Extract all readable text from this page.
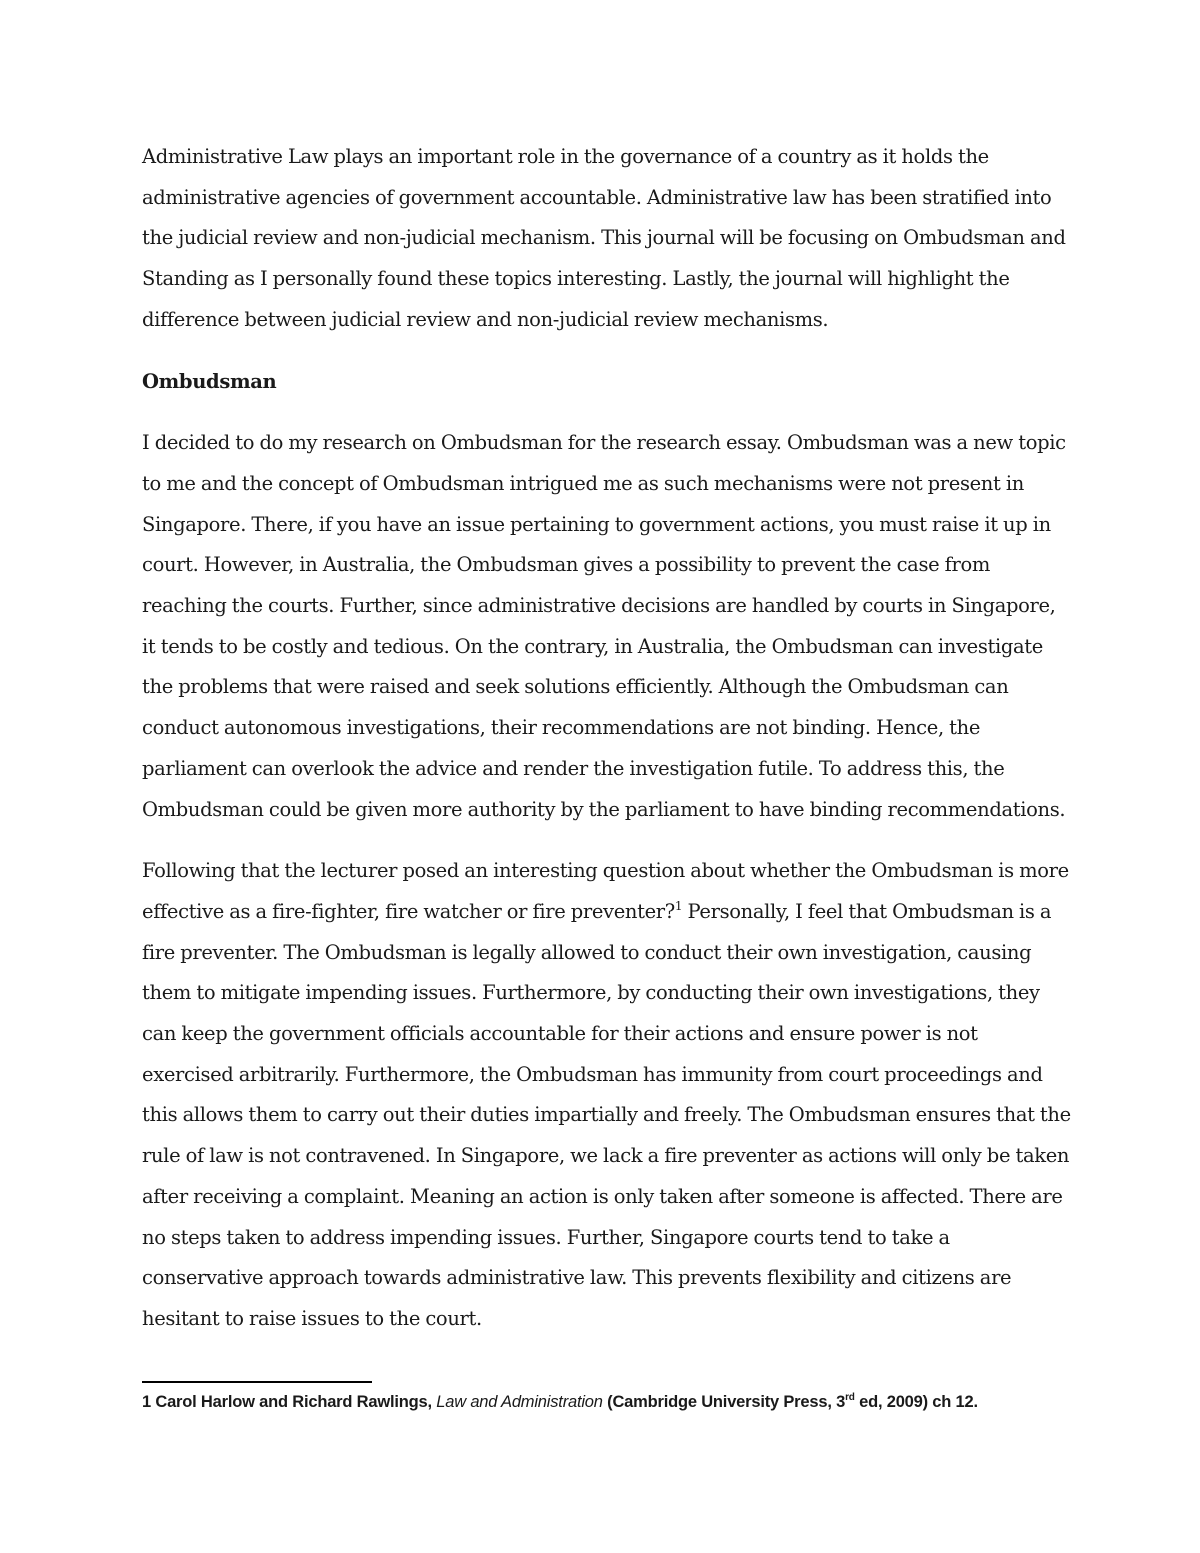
Administrative Law plays an important role in the governance of a country as it holds the administrative agencies of government accountable. Administrative law has been stratified into the judicial review and non-judicial mechanism. This journal will be focusing on Ombudsman and Standing as I personally found these topics interesting. Lastly, the journal will highlight the difference between judicial review and non-judicial review mechanisms.

Ombudsman

I decided to do my research on Ombudsman for the research essay. Ombudsman was a new topic to me and the concept of Ombudsman intrigued me as such mechanisms were not present in Singapore. There, if you have an issue pertaining to government actions, you must raise it up in court. However, in Australia, the Ombudsman gives a possibility to prevent the case from reaching the courts. Further, since administrative decisions are handled by courts in Singapore, it tends to be costly and tedious. On the contrary, in Australia, the Ombudsman can investigate the problems that were raised and seek solutions efficiently. Although the Ombudsman can conduct autonomous investigations, their recommendations are not binding. Hence, the parliament can overlook the advice and render the investigation futile. To address this, the Ombudsman could be given more authority by the parliament to have binding recommendations.

Following that the lecturer posed an interesting question about whether the Ombudsman is more effective as a fire-fighter, fire watcher or fire preventer?$^1$ Personally, I feel that Ombudsman is a fire preventer. The Ombudsman is legally allowed to conduct their own investigation, causing them to mitigate impending issues. Furthermore, by conducting their own investigations, they can keep the government officials accountable for their actions and ensure power is not exercised arbitrarily. Furthermore, the Ombudsman has immunity from court proceedings and this allows them to carry out their duties impartially and freely. The Ombudsman ensures that the rule of law is not contravened. In Singapore, we lack a fire preventer as actions will only be taken after receiving a complaint. Meaning an action is only taken after someone is affected. There are no steps taken to address impending issues. Further, Singapore courts tend to take a conservative approach towards administrative law. This prevents flexibility and citizens are hesitant to raise issues to the court.

1 Carol Harlow and Richard Rawlings, Law and Administration (Cambridge University Press, 3rd ed, 2009) ch 12.
